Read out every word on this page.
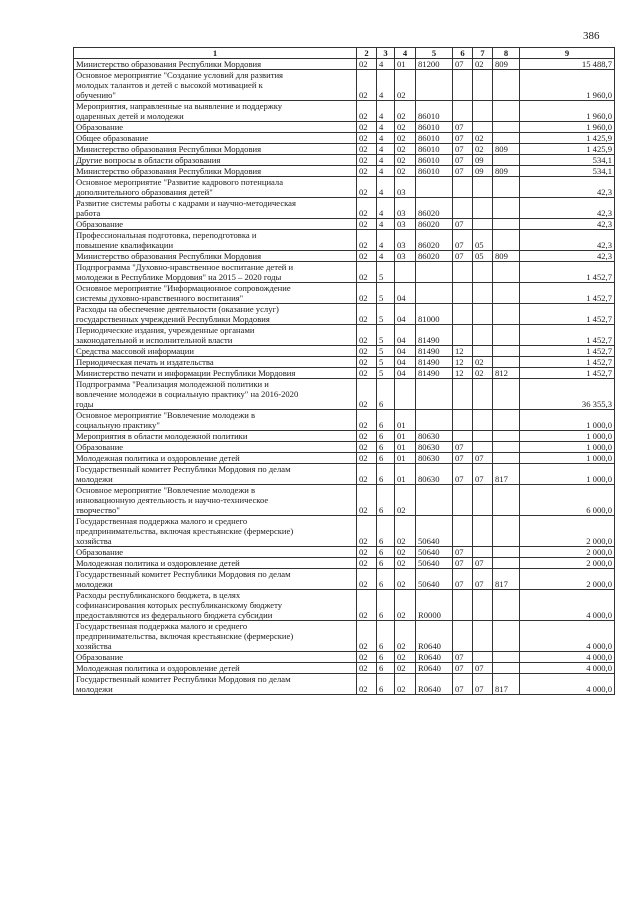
386
1	2	3	4	5	6	7	8	9

Министерство образования Республики Мордовия	02	4	01	81200	07	02	809	15 488,7

Основное мероприятие "Создание условий для развития
молодых талантов и детей с высокой мотивацией к
обучению"	02	4	02					1 960,0

Мероприятия, направленные на выявление и поддержку
одаренных детей и молодежи	02	4	02	86010				1 960,0

Образование	02	4	02	86010	07			1 960,0

Общее образование	02	4	02	86010	07	02		1 425,9

Министерство образования Республики Мордовия	02	4	02	86010	07	02	809	1 425,9

Другие вопросы в области образования	02	4	02	86010	07	09		534,1

Министерство образования Республики Мордовия	02	4	02	86010	07	09	809	534,1

Основное мероприятие "Развитие кадрового потенциала
дополнительного образования детей"	02	4	03					42,3

Развитие системы работы с кадрами и научно-методическая
работа	02	4	03	86020				42,3

Образование	02	4	03	86020	07			42,3

Профессиональная подготовка, переподготовка и
повышение квалификации	02	4	03	86020	07	05		42,3

Министерство образования Республики Мордовия	02	4	03	86020	07	05	809	42,3

Подпрограмма "Духовно-нравственное воспитание детей и
молодежи в Республике Мордовия" на 2015 – 2020 годы	02	5						1 452,7

Основное мероприятие "Информационное сопровождение
системы духовно-нравственного воспитания"	02	5	04					1 452,7

Расходы на обеспечение деятельности (оказание услуг)
государственных учреждений Республики Мордовия	02	5	04	81000				1 452,7

Периодические издания, учрежденные органами
законодательной и исполнительной власти	02	5	04	81490				1 452,7

Средства массовой информации	02	5	04	81490	12			1 452,7

Периодическая печать и издательства	02	5	04	81490	12	02		1 452,7

Министерство печати и информации Республики Мордовия	02	5	04	81490	12	02	812	1 452,7

Подпрограмма "Реализация молодежной политики и
вовлечение молодежи в социальную практику" на 2016-2020
годы	02	6						36 355,3

Основное мероприятие "Вовлечение молодежи в
социальную практику"	02	6	01					1 000,0

Мероприятия в области молодежной политики	02	6	01	80630				1 000,0

Образование	02	6	01	80630	07			1 000,0

Молодежная политика и оздоровление детей	02	6	01	80630	07	07		1 000,0

Государственный комитет Республики Мордовия по делам
молодежи	02	6	01	80630	07	07	817	1 000,0

Основное мероприятие "Вовлечение молодежи в
инновационную деятельность и научно-техническое
творчество"	02	6	02					6 000,0

Государственная поддержка малого и среднего
предпринимательства, включая крестьянские (фермерские)
хозяйства	02	6	02	50640				2 000,0

Образование	02	6	02	50640	07			2 000,0

Молодежная политика и оздоровление детей	02	6	02	50640	07	07		2 000,0

Государственный комитет Республики Мордовия по делам
молодежи	02	6	02	50640	07	07	817	2 000,0

Расходы республиканского бюджета, в целях
софинансирования которых республиканскому бюджету
предоставляются из федерального бюджета субсидии	02	6	02	R0000				4 000,0

Государственная поддержка малого и среднего
предпринимательства, включая крестьянские (фермерские)
хозяйства	02	6	02	R0640				4 000,0

Образование	02	6	02	R0640	07			4 000,0

Молодежная политика и оздоровление детей	02	6	02	R0640	07	07		4 000,0

Государственный комитет Республики Мордовия по делам
молодежи	02	6	02	R0640	07	07	817	4 000,0
